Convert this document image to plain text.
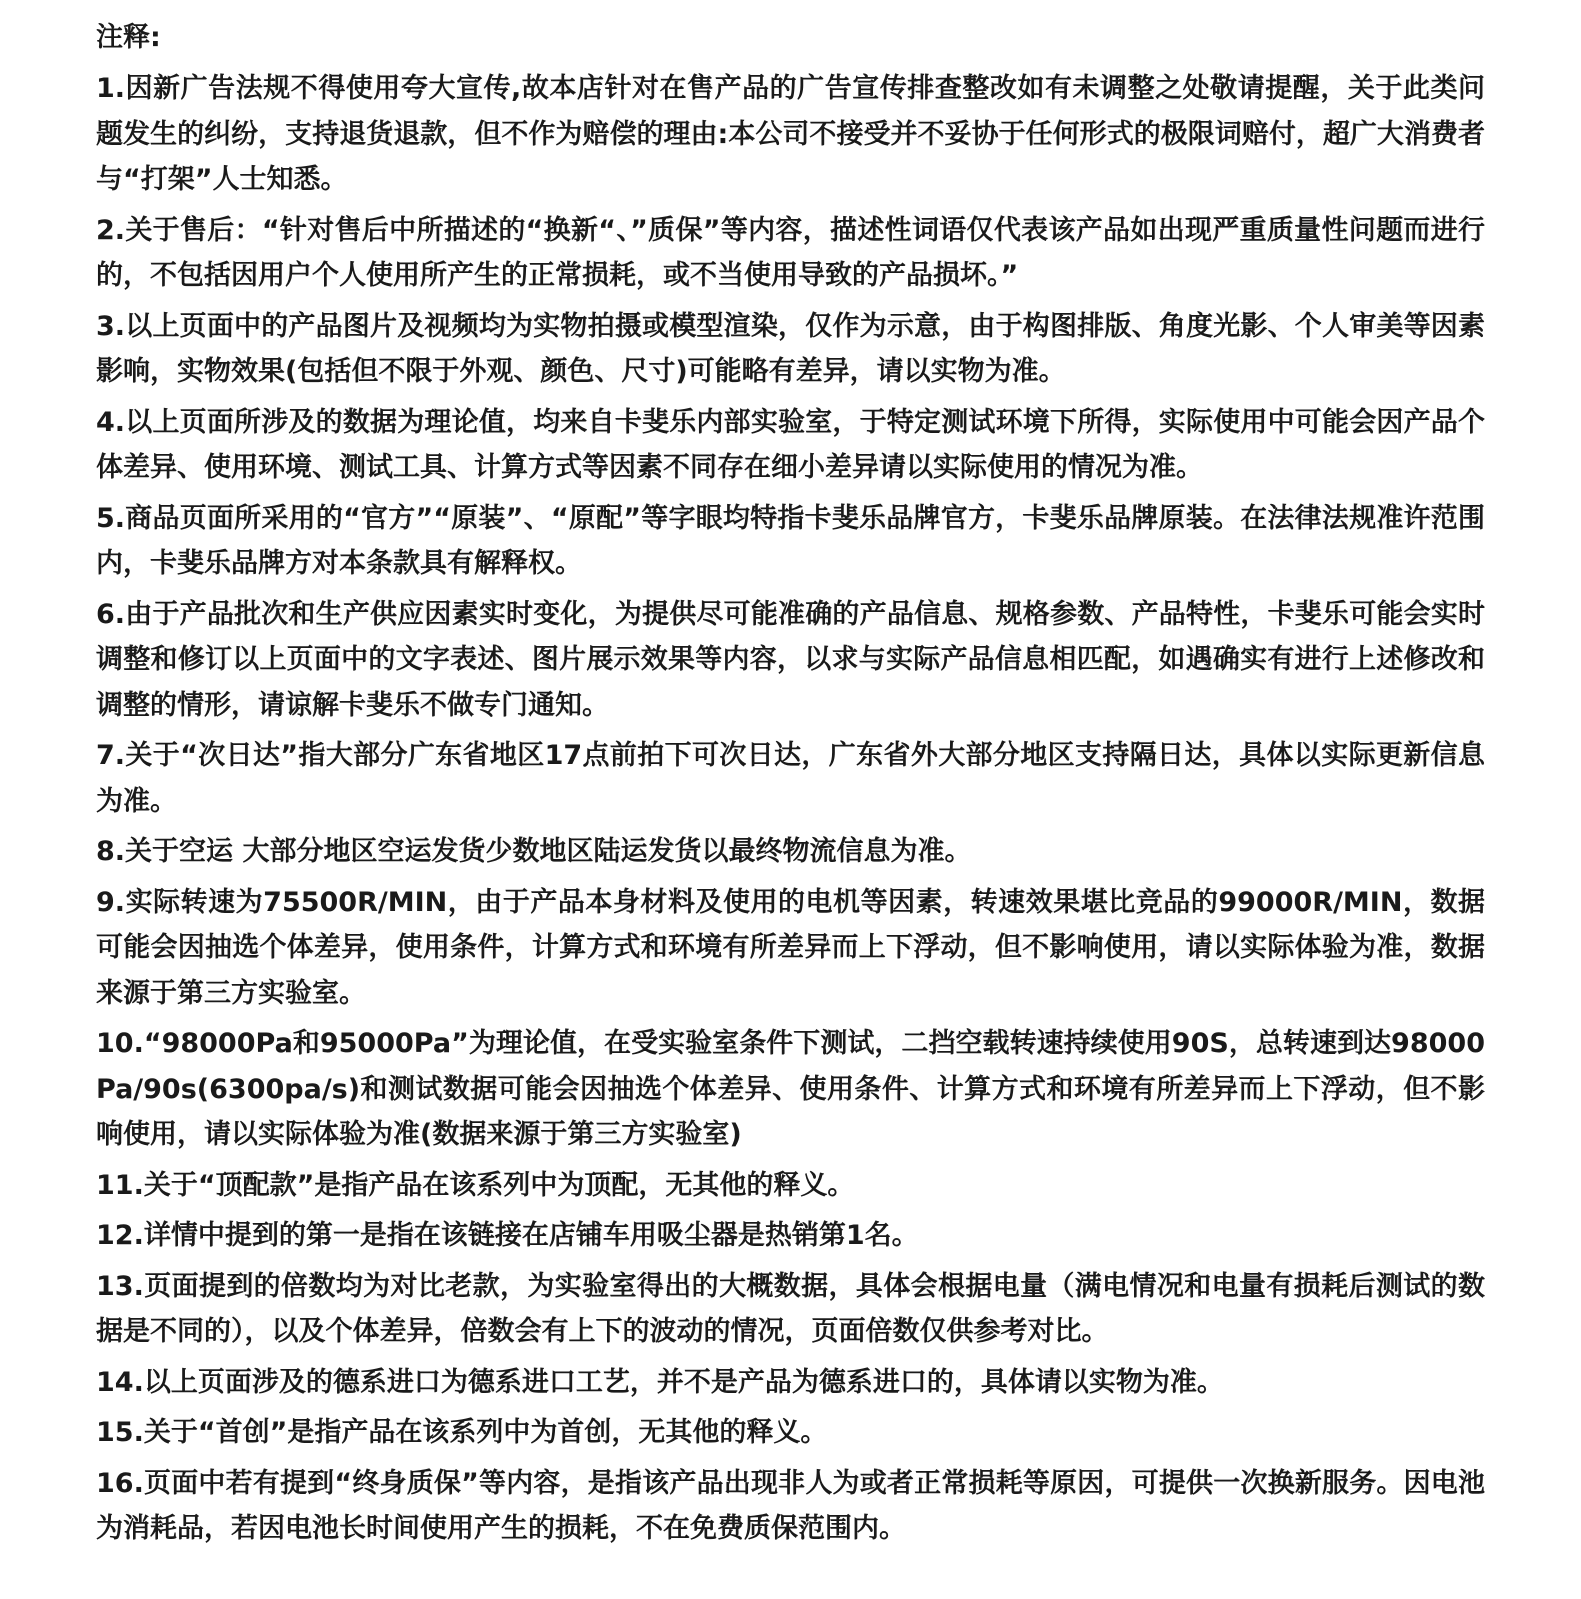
注释:
1.因新广告法规不得使用夸大宣传,故本店针对在售产品的广告宣传排查整改如有未调整之处敬请提醒，关于此类问题发生的纠纷，支持退货退款，但不作为赔偿的理由:本公司不接受并不妥协于任何形式的极限词赔付，超广大消费者与“打架”人士知悉。
2.关于售后：“针对售后中所描述的“换新“、”质保”等内容，描述性词语仅代表该产品如出现严重质量性问题而进行的，不包括因用户个人使用所产生的正常损耗，或不当使用导致的产品损坏。”
3.以上页面中的产品图片及视频均为实物拍摄或模型渲染，仅作为示意，由于构图排版、角度光影、个人审美等因素影响，实物效果(包括但不限于外观、颜色、尺寸)可能略有差异，请以实物为准。
4.以上页面所涉及的数据为理论值，均来自卡斐乐内部实验室，于特定测试环境下所得，实际使用中可能会因产品个体差异、使用环境、测试工具、计算方式等因素不同存在细小差异请以实际使用的情况为准。
5.商品页面所采用的“官方”“原装”、“原配”等字眼均特指卡斐乐品牌官方，卡斐乐品牌原装。在法律法规准许范围内，卡斐乐品牌方对本条款具有解释权。
6.由于产品批次和生产供应因素实时变化，为提供尽可能准确的产品信息、规格参数、产品特性，卡斐乐可能会实时调整和修订以上页面中的文字表述、图片展示效果等内容，以求与实际产品信息相匹配，如遇确实有进行上述修改和调整的情形，请谅解卡斐乐不做专门通知。
7.关于“次日达”指大部分广东省地区17点前拍下可次日达，广东省外大部分地区支持隔日达，具体以实际更新信息为准。
8.关于空运 大部分地区空运发货少数地区陆运发货以最终物流信息为准。
9.实际转速为75500R/MIN，由于产品本身材料及使用的电机等因素，转速效果堪比竞品的99000R/MIN，数据可能会因抽选个体差异，使用条件，计算方式和环境有所差异而上下浮动，但不影响使用，请以实际体验为准，数据来源于第三方实验室。
10.“98000Pa和95000Pa”为理论值，在受实验室条件下测试，二挡空载转速持续使用90S，总转速到达98000Pa/90s(6300pa/s)和测试数据可能会因抽选个体差异、使用条件、计算方式和环境有所差异而上下浮动，但不影响使用，请以实际体验为准(数据来源于第三方实验室)
11.关于“顶配款”是指产品在该系列中为顶配，无其他的释义。
12.详情中提到的第一是指在该链接在店铺车用吸尘器是热销第1名。
13.页面提到的倍数均为对比老款，为实验室得出的大概数据，具体会根据电量（满电情况和电量有损耗后测试的数据是不同的），以及个体差异，倍数会有上下的波动的情况，页面倍数仅供参考对比。
14.以上页面涉及的德系进口为德系进口工艺，并不是产品为德系进口的，具体请以实物为准。
15.关于“首创”是指产品在该系列中为首创，无其他的释义。
16.页面中若有提到“终身质保”等内容，是指该产品出现非人为或者正常损耗等原因，可提供一次换新服务。因电池为消耗品，若因电池长时间使用产生的损耗，不在免费质保范围内。
